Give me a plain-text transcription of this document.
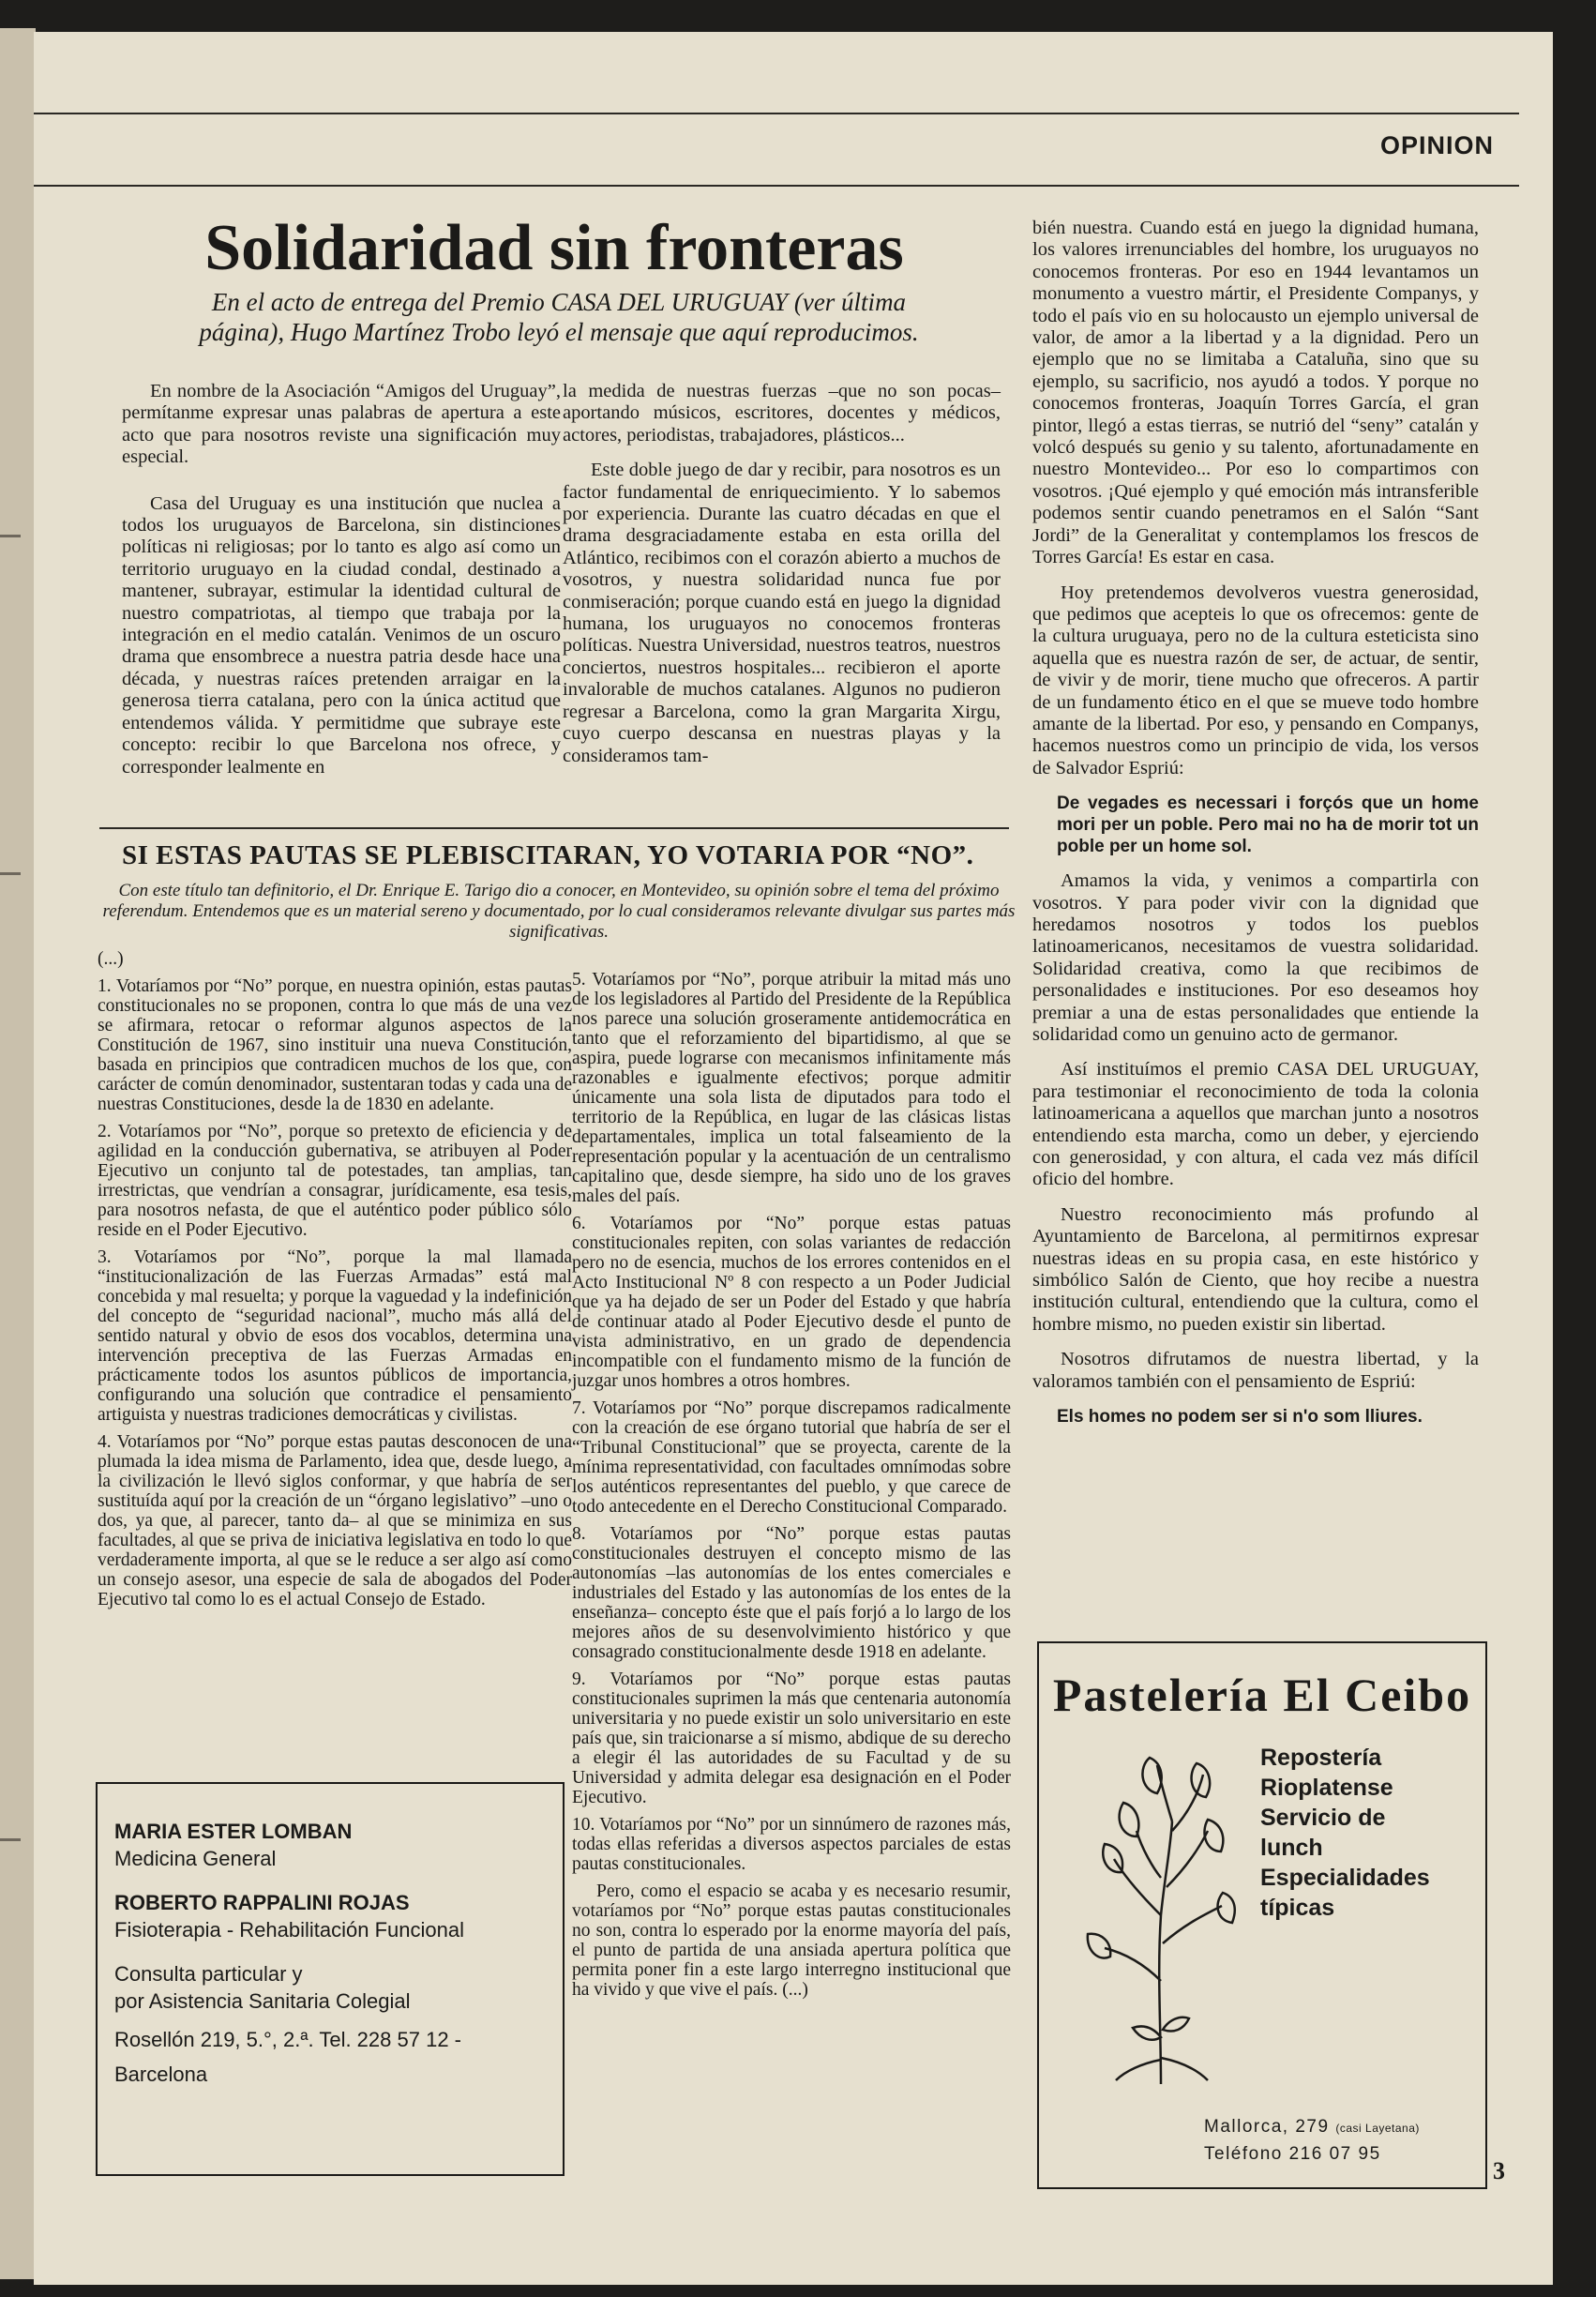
OPINION
Solidaridad sin fronteras
En el acto de entrega del Premio CASA DEL URUGUAY (ver última página), Hugo Martínez Trobo leyó el mensaje que aquí reproducimos.

En nombre de la Asociación “Amigos del Uruguay”, permítanme expresar unas palabras de apertura a este acto que para nosotros reviste una significación muy especial.

Casa del Uruguay es una institución que nuclea a todos los uruguayos de Barcelona, sin distinciones políticas ni religiosas; por lo tanto es algo así como un territorio uruguayo en la ciudad condal, destinado a mantener, subrayar, estimular la identidad cultural de nuestro compatriotas, al tiempo que trabaja por la integración en el medio catalán. Venimos de un oscuro drama que ensombrece a nuestra patria desde hace una década, y nuestras raíces pretenden arraigar en la generosa tierra catalana, pero con la única actitud que entendemos válida. Y permitidme que subraye este concepto: recibir lo que Barcelona nos ofrece, y corresponder lealmente en

la medida de nuestras fuerzas –que no son pocas– aportando músicos, escritores, docentes y médicos, actores, periodistas, trabajadores, plásticos...

Este doble juego de dar y recibir, para nosotros es un factor fundamental de enriquecimiento. Y lo sabemos por experiencia. Durante las cuatro décadas en que el drama desgraciadamente estaba en esta orilla del Atlántico, recibimos con el corazón abierto a muchos de vosotros, y nuestra solidaridad nunca fue por conmiseración; porque cuando está en juego la dignidad humana, los uruguayos no conocemos fronteras políticas. Nuestra Universidad, nuestros teatros, nuestros conciertos, nuestros hospitales... recibieron el aporte invalorable de muchos catalanes. Algunos no pudieron regresar a Barcelona, como la gran Margarita Xirgu, cuyo cuerpo descansa en nuestras playas y la consideramos tam-

bién nuestra. Cuando está en juego la dignidad humana, los valores irrenunciables del hombre, los uruguayos no conocemos fronteras. Por eso en 1944 levantamos un monumento a vuestro mártir, el Presidente Companys, y todo el país vio en su holocausto un ejemplo universal de valor, de amor a la libertad y a la dignidad. Pero un ejemplo que no se limitaba a Cataluña, sino que su ejemplo, su sacrificio, nos ayudó a todos. Y porque no conocemos fronteras, Joaquín Torres García, el gran pintor, llegó a estas tierras, se nutrió del “seny” catalán y volcó después su genio y su talento, afortunadamente en nuestro Montevideo... Por eso lo compartimos con vosotros. ¡Qué ejemplo y qué emoción más intransferible podemos sentir cuando penetramos en el Salón “Sant Jordi” de la Generalitat y contemplamos los frescos de Torres García! Es estar en casa.

Hoy pretendemos devolveros vuestra generosidad, que pedimos que acepteis lo que os ofrecemos: gente de la cultura uruguaya, pero no de la cultura esteticista sino aquella que es nuestra razón de ser, de actuar, de sentir, de vivir y de morir, tiene mucho que ofreceros. A partir de un fundamento ético en el que se mueve todo hombre amante de la libertad. Por eso, y pensando en Companys, hacemos nuestros como un principio de vida, los versos de Salvador Espriú:

De vegades es necessari i forçós que un home mori per un poble. Pero mai no ha de morir tot un poble per un home sol.

Amamos la vida, y venimos a compartirla con vosotros. Y para poder vivir con la dignidad que heredamos nosotros y todos los pueblos latinoamericanos, necesitamos de vuestra solidaridad. Solidaridad creativa, como la que recibimos de personalidades e instituciones. Por eso deseamos hoy premiar a una de estas personalidades que entiende la solidaridad como un genuino acto de germanor.

Así instituímos el premio CASA DEL URUGUAY, para testimoniar el reconocimiento de toda la colonia latinoamericana a aquellos que marchan junto a nosotros entendiendo esta marcha, como un deber, y ejerciendo con generosidad, y con altura, el cada vez más difícil oficio del hombre.

Nuestro reconocimiento más profundo al Ayuntamiento de Barcelona, al permitirnos expresar nuestras ideas en su propia casa, en este histórico y simbólico Salón de Ciento, que hoy recibe a nuestra institución cultural, entendiendo que la cultura, como el hombre mismo, no pueden existir sin libertad.

Nosotros difrutamos de nuestra libertad, y la valoramos también con el pensamiento de Espriú:

Els homes no podem ser si n'o som lliures.

SI ESTAS PAUTAS SE PLEBISCITARAN, YO VOTARIA POR “NO”.
Con este título tan definitorio, el Dr. Enrique E. Tarigo dio a conocer, en Montevideo, su opinión sobre el tema del próximo referendum. Entendemos que es un material sereno y documentado, por lo cual consideramos relevante divulgar sus partes más significativas.

(...)

1. Votaríamos por “No” porque, en nuestra opinión, estas pautas constitucionales no se proponen, contra lo que más de una vez se afirmara, retocar o reformar algunos aspectos de la Constitución de 1967, sino instituir una nueva Constitución, basada en principios que contradicen muchos de los que, con carácter de común denominador, sustentaran todas y cada una de nuestras Constituciones, desde la de 1830 en adelante.

2. Votaríamos por “No”, porque so pretexto de eficiencia y de agilidad en la conducción gubernativa, se atribuyen al Poder Ejecutivo un conjunto tal de potestades, tan amplias, tan irrestrictas, que vendrían a consagrar, jurídicamente, esa tesis, para nosotros nefasta, de que el auténtico poder público sólo reside en el Poder Ejecutivo.

3. Votaríamos por “No”, porque la mal llamada “institucionalización de las Fuerzas Armadas” está mal concebida y mal resuelta; y porque la vaguedad y la indefinición del concepto de “seguridad nacional”, mucho más allá del sentido natural y obvio de esos dos vocablos, determina una intervención preceptiva de las Fuerzas Armadas en prácticamente todos los asuntos públicos de importancia, configurando una solución que contradice el pensamiento artiguista y nuestras tradiciones democráticas y civilistas.

4. Votaríamos por “No” porque estas pautas desconocen de una plumada la idea misma de Parlamento, idea que, desde luego, a la civilización le llevó siglos conformar, y que habría de ser sustituída aquí por la creación de un “órgano legislativo” –uno o dos, ya que, al parecer, tanto da– al que se minimiza en sus facultades, al que se priva de iniciativa legislativa en todo lo que verdaderamente importa, al que se le reduce a ser algo así como un consejo asesor, una especie de sala de abogados del Poder Ejecutivo tal como lo es el actual Consejo de Estado.

5. Votaríamos por “No”, porque atribuir la mitad más uno de los legisladores al Partido del Presidente de la República nos parece una solución groseramente antidemocrática en tanto que el reforzamiento del bipartidismo, al que se aspira, puede lograrse con mecanismos infinitamente más razonables e igualmente efectivos; porque admitir únicamente una sola lista de diputados para todo el territorio de la República, en lugar de las clásicas listas departamentales, implica un total falseamiento de la representación popular y la acentuación de un centralismo capitalino que, desde siempre, ha sido uno de los graves males del país.

6. Votaríamos por “No” porque estas patuas constitucionales repiten, con solas variantes de redacción pero no de esencia, muchos de los errores contenidos en el Acto Institucional Nº 8 con respecto a un Poder Judicial que ya ha dejado de ser un Poder del Estado y que habría de continuar atado al Poder Ejecutivo desde el punto de vista administrativo, en un grado de dependencia incompatible con el fundamento mismo de la función de juzgar unos hombres a otros hombres.

7. Votaríamos por “No” porque discrepamos radicalmente con la creación de ese órgano tutorial que habría de ser el “Tribunal Constitucional” que se proyecta, carente de la mínima representatividad, con facultades omnímodas sobre los auténticos representantes del pueblo, y que carece de todo antecedente en el Derecho Constitucional Comparado.

8. Votaríamos por “No” porque estas pautas constitucionales destruyen el concepto mismo de las autonomías –las autonomías de los entes comerciales e industriales del Estado y las autonomías de los entes de la enseñanza– concepto éste que el país forjó a lo largo de los mejores años de su desenvolvimiento histórico y que consagrado constitucionalmente desde 1918 en adelante.

9. Votaríamos por “No” porque estas pautas constitucionales suprimen la más que centenaria autonomía universitaria y no puede existir un solo universitario en este país que, sin traicionarse a sí mismo, abdique de su derecho a elegir él las autoridades de su Facultad y de su Universidad y admita delegar esa designación en el Poder Ejecutivo.

10. Votaríamos por “No” por un sinnúmero de razones más, todas ellas referidas a diversos aspectos parciales de estas pautas constitucionales.

Pero, como el espacio se acaba y es necesario resumir, votaríamos por “No” porque estas pautas constitucionales no son, contra lo esperado por la enorme mayoría del país, el punto de partida de una ansiada apertura política que permita poner fin a este largo interregno institucional que ha vivido y que vive el país. (...)

MARIA ESTER LOMBAN
Medicina General
ROBERTO RAPPALINI ROJAS
Fisioterapia - Rehabilitación Funcional
Consulta particular y
por Asistencia Sanitaria Colegial
Rosellón 219, 5.°, 2.ª. Tel. 228 57 12 -
Barcelona
Pastelería El Ceibo
Repostería
Rioplatense
Servicio de
lunch
Especialidades
típicas
Mallorca, 279 (casi Layetana)
Teléfono 216 07 95
3
